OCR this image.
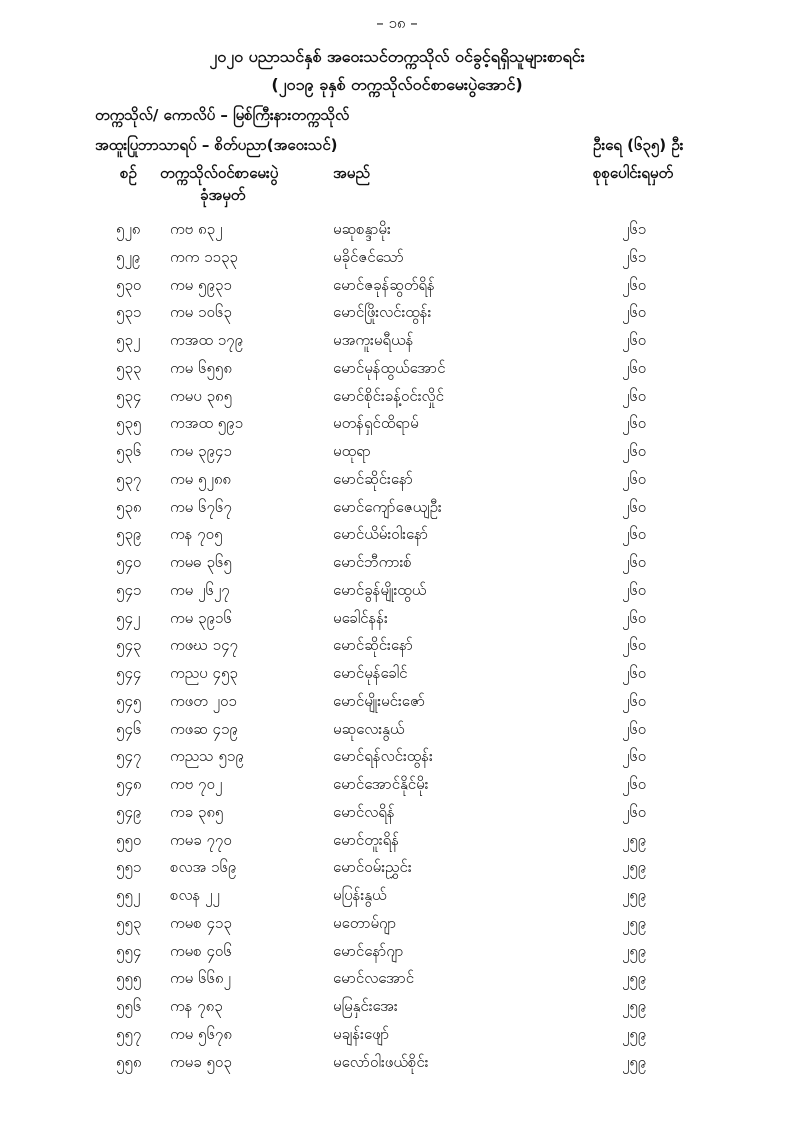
– ၁၈ –
၂၀၂၀ ပညာသင်နှစ် အဝေးသင်တက္ကသိုလ် ဝင်ခွင့်ရရှိသူများစာရင်း
(၂၀၁၉ ခုနှစ် တက္ကသိုလ်ဝင်စာမေးပွဲအောင်)
တက္ကသိုလ်/ ကောလိပ် – မြစ်ကြီးနားတက္ကသိုလ်
အထူးပြုဘာသာရပ် – စိတ်ပညာ(အဝေးသင်)	ဦးရေ (၆၃၅) ဦး
စဉ် တက္ကသိုလ်ဝင်စာမေးပွဲ
ခုံအမှတ်
အမည်	စုစုပေါင်းရမှတ်
၅၂၈ ကဗ ၈၃၂	မဆုစန္ဒာမိုး	၂၆၁
၅၂၉ ကက ၁၁၃၃	မခိုင်ဇင်သော်	၂၆၁
၅၃၀ ကမ ၅၉၃၁	မောင်ဇခုန်ဆွတ်ရိန်	၂၆၀
၅၃၁ ကမ ၁၀၆၃	မောင်ဖြိုးလင်းထွန်း	၂၆၀
၅၃၂ ကအထ ၁၇၉	မအကူးမရီယန်	၂၆၀
၅၃၃ ကမ ၆၅၅၈	မောင်မုန်ထွယ်အောင်	၂၆၀
၅၃၄ ကမပ ၃၈၅	မောင်စိုင်းခန့်ဝင်းလှိုင်	၂၆၀
၅၃၅ ကအထ ၅၉၁	မတန်ရှင်ထိရာမ်	၂၆၀
၅၃၆ ကမ ၃၉၄၁	မထုရာ	၂၆၀
၅၃၇ ကမ ၅၂၈၈	မောင်ဆိုင်းနော်	၂၆၀
၅၃၈ ကမ ၆၇၆၇	မောင်ကျော်ဇေယျဦး	၂၆၀
၅၃၉ ကန ၇၀၅	မောင်ယိမ်းဝါးနော်	၂၆၀
၅၄၀ ကမဓ ၃၆၅	မောင်ဘီကားစ်	၂၆၀
၅၄၁ ကမ ၂၆၂၇	မောင်ခွန်မျိုးထွယ်	၂၆၀
၅၄၂ ကမ ၃၉၁၆	မခေါင်နန်း	၂၆၀
၅၄၃ ကဖဃ ၁၄၇	မောင်ဆိုင်းနော်	၂၆၀
၅၄၄ ကညပ ၄၅၃	မောင်မုန်ခေါင်	၂၆၀
၅၄၅ ကဖတ ၂၀၁	မောင်မျိုးမင်းဇော်	၂၆၀
၅၄၆ ကဖဆ ၄၁၉	မဆုလေးနွယ်	၂၆၀
၅၄၇ ကညသ ၅၁၉	မောင်ရန်လင်းထွန်း	၂၆၀
၅၄၈ ကဗ ၇၀၂	မောင်အောင်နိုင်မိုး	၂၆၀
၅၄၉ ကခ ၃၈၅	မောင်လရိန်	၂၆၀
၅၅၀ ကမခ ၇၇၀	မောင်တူးရိန်	၂၅၉
၅၅၁ စလအ ၁၆၉	မောင်ဝမ်းညွှင်း	၂၅၉
၅၅၂ စလန ၂၂	မပြန်းနွယ်	၂၅၉
၅၅၃ ကမစ ၄၁၃	မတောမ်ဂျာ	၂၅၉
၅၅၄ ကမစ ၄၀၆	မောင်နော်ဂျာ	၂၅၉
၅၅၅ ကမ ၆၆၈၂	မောင်လအောင်	၂၅၉
၅၅၆ ကန ၇၈၃	မမြနှင်းအေး	၂၅၉
၅၅၇ ကမ ၅၆၇၈	မချန်းဖျော်	၂၅၉
၅၅၈ ကမခ ၅၀၃	မလော်ဝါးဖယ်စိုင်း	၂၅၉
